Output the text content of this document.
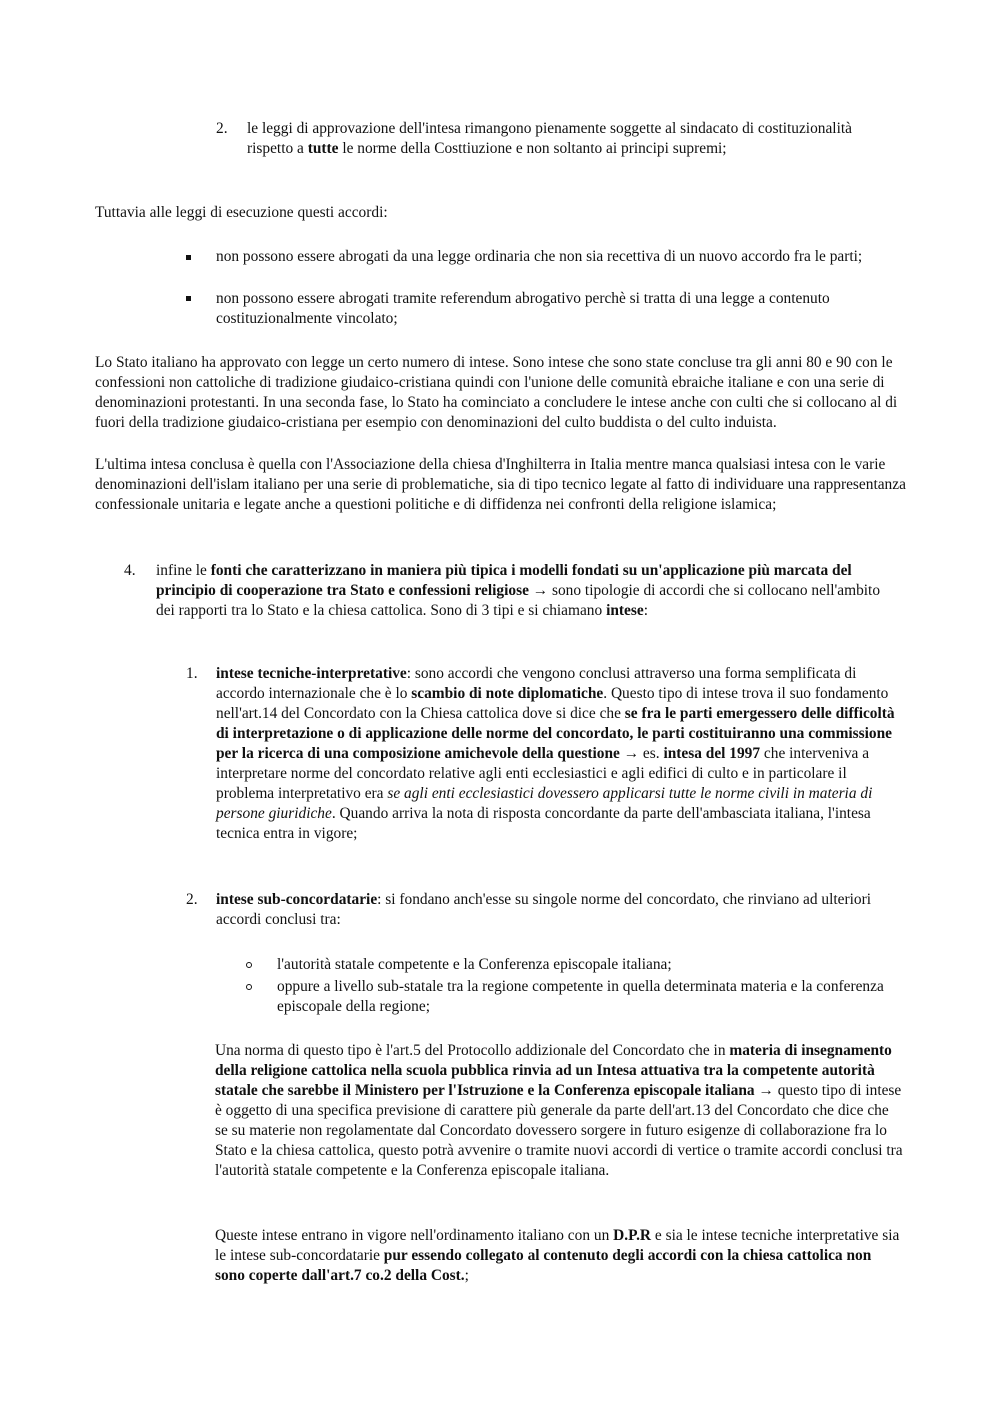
2. le leggi di approvazione dell'intesa rimangono pienamente soggette al sindacato di costituzionalità rispetto a tutte le norme della Costtiuzione e non soltanto ai principi supremi;

Tuttavia alle leggi di esecuzione questi accordi:

non possono essere abrogati da una legge ordinaria che non sia recettiva di un nuovo accordo fra le parti;

non possono essere abrogati tramite referendum abrogativo perchè si tratta di una legge a contenuto costituzionalmente vincolato;

Lo Stato italiano ha approvato con legge un certo numero di intese. Sono intese che sono state concluse tra gli anni 80 e 90 con le confessioni non cattoliche di tradizione giudaico-cristiana quindi con l'unione delle comunità ebraiche italiane e con una serie di denominazioni protestanti. In una seconda fase, lo Stato ha cominciato a concludere le intese anche con culti che si collocano al di fuori della tradizione giudaico-cristiana per esempio con denominazioni del culto buddista o del culto induista.

L'ultima intesa conclusa è quella con l'Associazione della chiesa d'Inghilterra in Italia mentre manca qualsiasi intesa con le varie denominazioni dell'islam italiano per una serie di problematiche, sia di tipo tecnico legate al fatto di individuare una rappresentanza confessionale unitaria e legate anche a questioni politiche e di diffidenza nei confronti della religione islamica;

4. infine le fonti che caratterizzano in maniera più tipica i modelli fondati su un'applicazione più marcata del principio di cooperazione tra Stato e confessioni religiose → sono tipologie di accordi che si collocano nell'ambito dei rapporti tra lo Stato e la chiesa cattolica. Sono di 3 tipi e si chiamano intese:

1. intese tecniche-interpretative: sono accordi che vengono conclusi attraverso una forma semplificata di accordo internazionale che è lo scambio di note diplomatiche. Questo tipo di intese trova il suo fondamento nell'art.14 del Concordato con la Chiesa cattolica dove si dice che se fra le parti emergessero delle difficoltà di interpretazione o di applicazione delle norme del concordato, le parti costituiranno una commissione per la ricerca di una composizione amichevole della questione → es. intesa del 1997 che interveniva a interpretare norme del concordato relative agli enti ecclesiastici e agli edifici di culto e in particolare il problema interpretativo era se agli enti ecclesiastici dovessero applicarsi tutte le norme civili in materia di persone giuridiche. Quando arriva la nota di risposta concordante da parte dell'ambasciata italiana, l'intesa tecnica entra in vigore;

2. intese sub-concordatarie: si fondano anch'esse su singole norme del concordato, che rinviano ad ulteriori accordi conclusi tra:

l'autorità statale competente e la Conferenza episcopale italiana;

oppure a livello sub-statale tra la regione competente in quella determinata materia e la conferenza episcopale della regione;

Una norma di questo tipo è l'art.5 del Protocollo addizionale del Concordato che in materia di insegnamento della religione cattolica nella scuola pubblica rinvia ad un Intesa attuativa tra la competente autorità statale che sarebbe il Ministero per l'Istruzione e la Conferenza episcopale italiana → questo tipo di intese è oggetto di una specifica previsione di carattere più generale da parte dell'art.13 del Concordato che dice che se su materie non regolamentate dal Concordato dovessero sorgere in futuro esigenze di collaborazione fra lo Stato e la chiesa cattolica, questo potrà avvenire o tramite nuovi accordi di vertice o tramite accordi conclusi tra l'autorità statale competente e la Conferenza episcopale italiana.

Queste intese entrano in vigore nell'ordinamento italiano con un D.P.R e sia le intese tecniche interpretative sia le intese sub-concordatarie pur essendo collegato al contenuto degli accordi con la chiesa cattolica non sono coperte dall'art.7 co.2 della Cost.;
